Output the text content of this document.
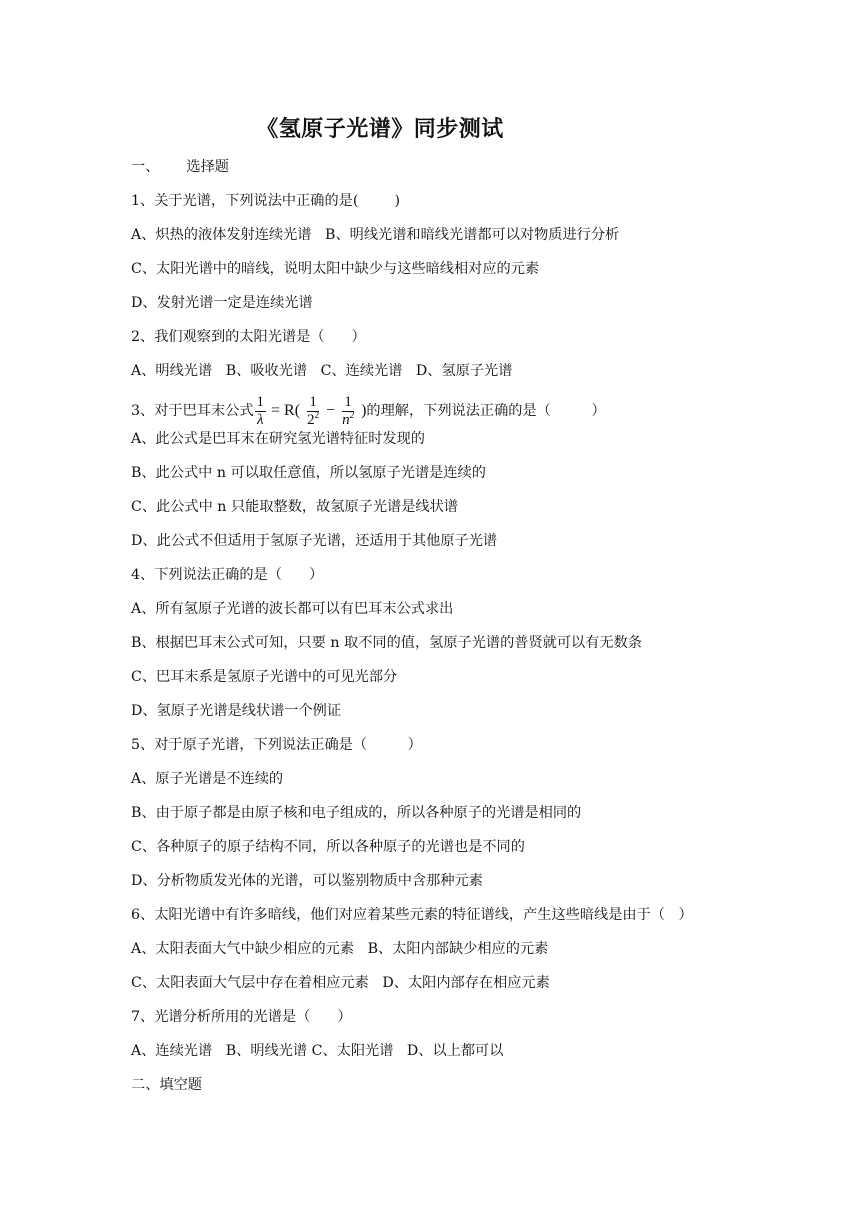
《氢原子光谱》同步测试
一、      选择题
1、关于光谱，下列说法中正确的是(        )
A、炽热的液体发射连续光谱   B、明线光谱和暗线光谱都可以对物质进行分析
C、太阳光谱中的暗线，说明太阳中缺少与这些暗线相对应的元素
D、发射光谱一定是连续光谱
2、我们观察到的太阳光谱是（      ）
A、明线光谱   B、吸收光谱   C、连续光谱   D、氢原子光谱
3、对于巴耳末公式 $\frac{1}{\lambda} = R( \frac{1}{2^2} - \frac{1}{n^2}$ ) 的理解，下列说法正确的是（         ）
A、此公式是巴耳末在研究氢光谱特征时发现的
B、此公式中 n 可以取任意值，所以氢原子光谱是连续的
C、此公式中 n 只能取整数，故氢原子光谱是线状谱
D、此公式不但适用于氢原子光谱，还适用于其他原子光谱
4、下列说法正确的是（      ）
A、所有氢原子光谱的波长都可以有巴耳末公式求出
B、根据巴耳末公式可知，只要 n 取不同的值，氢原子光谱的普贤就可以有无数条
C、巴耳末系是氢原子光谱中的可见光部分
D、氢原子光谱是线状谱一个例证
5、对于原子光谱，下列说法正确是（         ）
A、原子光谱是不连续的
B、由于原子都是由原子核和电子组成的，所以各种原子的光谱是相同的
C、各种原子的原子结构不同，所以各种原子的光谱也是不同的
D、分析物质发光体的光谱，可以鉴别物质中含那种元素
6、太阳光谱中有许多暗线，他们对应着某些元素的特征谱线，产生这些暗线是由于（   ）
A、太阳表面大气中缺少相应的元素   B、太阳内部缺少相应的元素
C、太阳表面大气层中存在着相应元素   D、太阳内部存在相应元素
7、光谱分析所用的光谱是（      ）
A、连续光谱   B、明线光谱 C、太阳光谱   D、以上都可以
二、填空题
